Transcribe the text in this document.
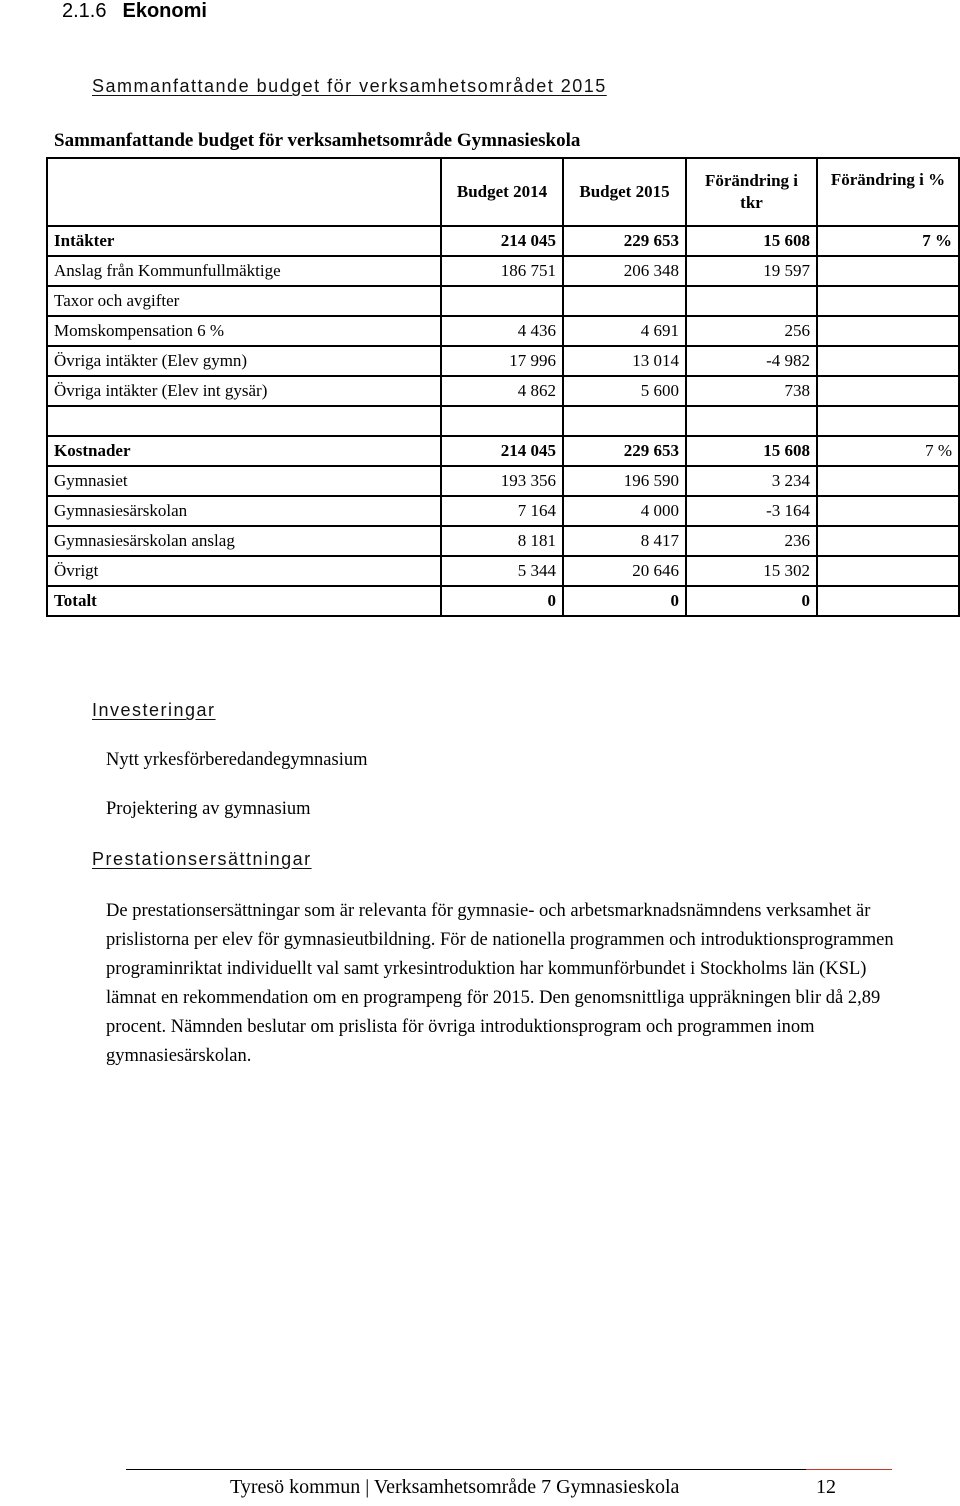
2.1.6 Ekonomi
Sammanfattande budget för verksamhetsområdet 2015
Sammanfattande budget för verksamhetsområde Gymnasieskola
	Budget 2014	Budget 2015	Förändring i tkr	Förändring i %
Intäkter	214 045	229 653	15 608	7 %
Anslag från Kommunfullmäktige	186 751	206 348	19 597	
Taxor och avgifter				
Momskompensation 6 %	4 436	4 691	256	
Övriga intäkter (Elev gymn)	17 996	13 014	-4 982	
Övriga intäkter (Elev int gysär)	4 862	5 600	738	

Kostnader	214 045	229 653	15 608	7 %
Gymnasiet	193 356	196 590	3 234	
Gymnasiesärskolan	7 164	4 000	-3 164	
Gymnasiesärskolan anslag	8 181	8 417	236	
Övrigt	5 344	20 646	15 302	
Totalt	0	0	0	
Investeringar
Nytt yrkesförberedandegymnasium
Projektering av gymnasium
Prestationsersättningar

De prestationsersättningar som är relevanta för gymnasie- och arbetsmarknadsnämndens verksamhet är prislistorna per elev för gymnasieutbildning. För de nationella programmen och introduktionsprogrammen programinriktat individuellt val samt yrkesintroduktion har kommunförbundet i Stockholms län (KSL) lämnat en rekommendation om en programpeng för 2015. Den genomsnittliga uppräkningen blir då 2,89 procent. Nämnden beslutar om prislista för övriga introduktionsprogram och programmen inom gymnasiesärskolan.

Tyresö kommun | Verksamhetsområde 7 Gymnasieskola	12
